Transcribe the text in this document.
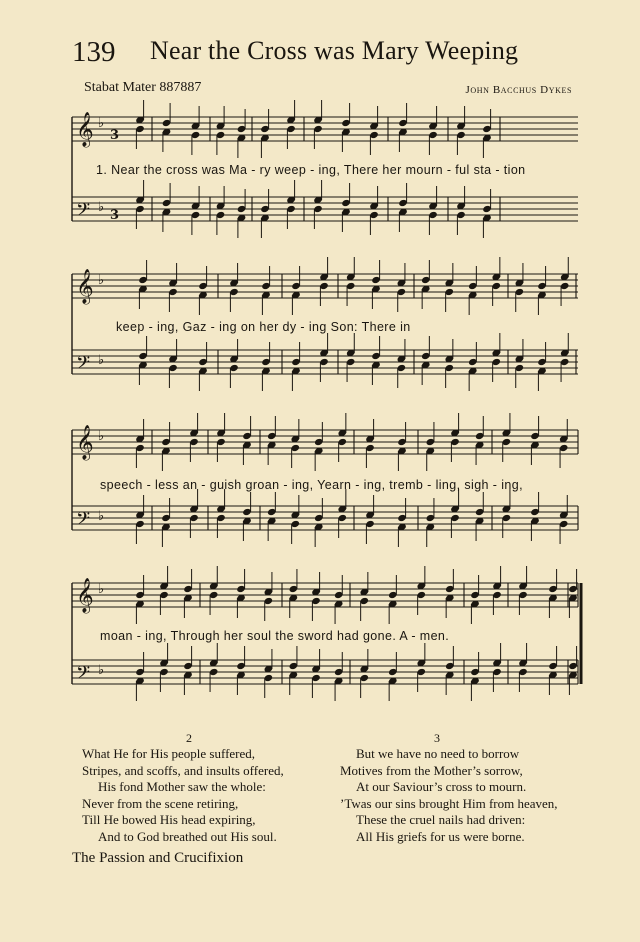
139 Near the Cross was Mary Weeping
Stabat Mater 887887	John Bacchus Dykes
𝄞 ♭
3
𝄢 ♭
3
𝄞 ♭
𝄢 ♭
𝄞 ♭
𝄢 ♭
𝄞 ♭
𝄢 ♭
1. Near the cross was Ma - ry weep - ing, There her mourn - ful sta - tion
keep - ing, Gaz - ing on her dy - ing Son: There in
speech - less an - guish groan - ing, Yearn - ing, tremb - ling, sigh - ing,
moan - ing, Through her soul the sword had gone. A - men.
2
What He for His people suffered,
Stripes, and scoffs, and insults offered,
His fond Mother saw the whole:
Never from the scene retiring,
Till He bowed His head expiring,
And to God breathed out His soul.
3
But we have no need to borrow
Motives from the Mother’s sorrow,
At our Saviour’s cross to mourn.
’Twas our sins brought Him from heaven,
These the cruel nails had driven:
All His griefs for us were borne.
The Passion and Crucifixion
